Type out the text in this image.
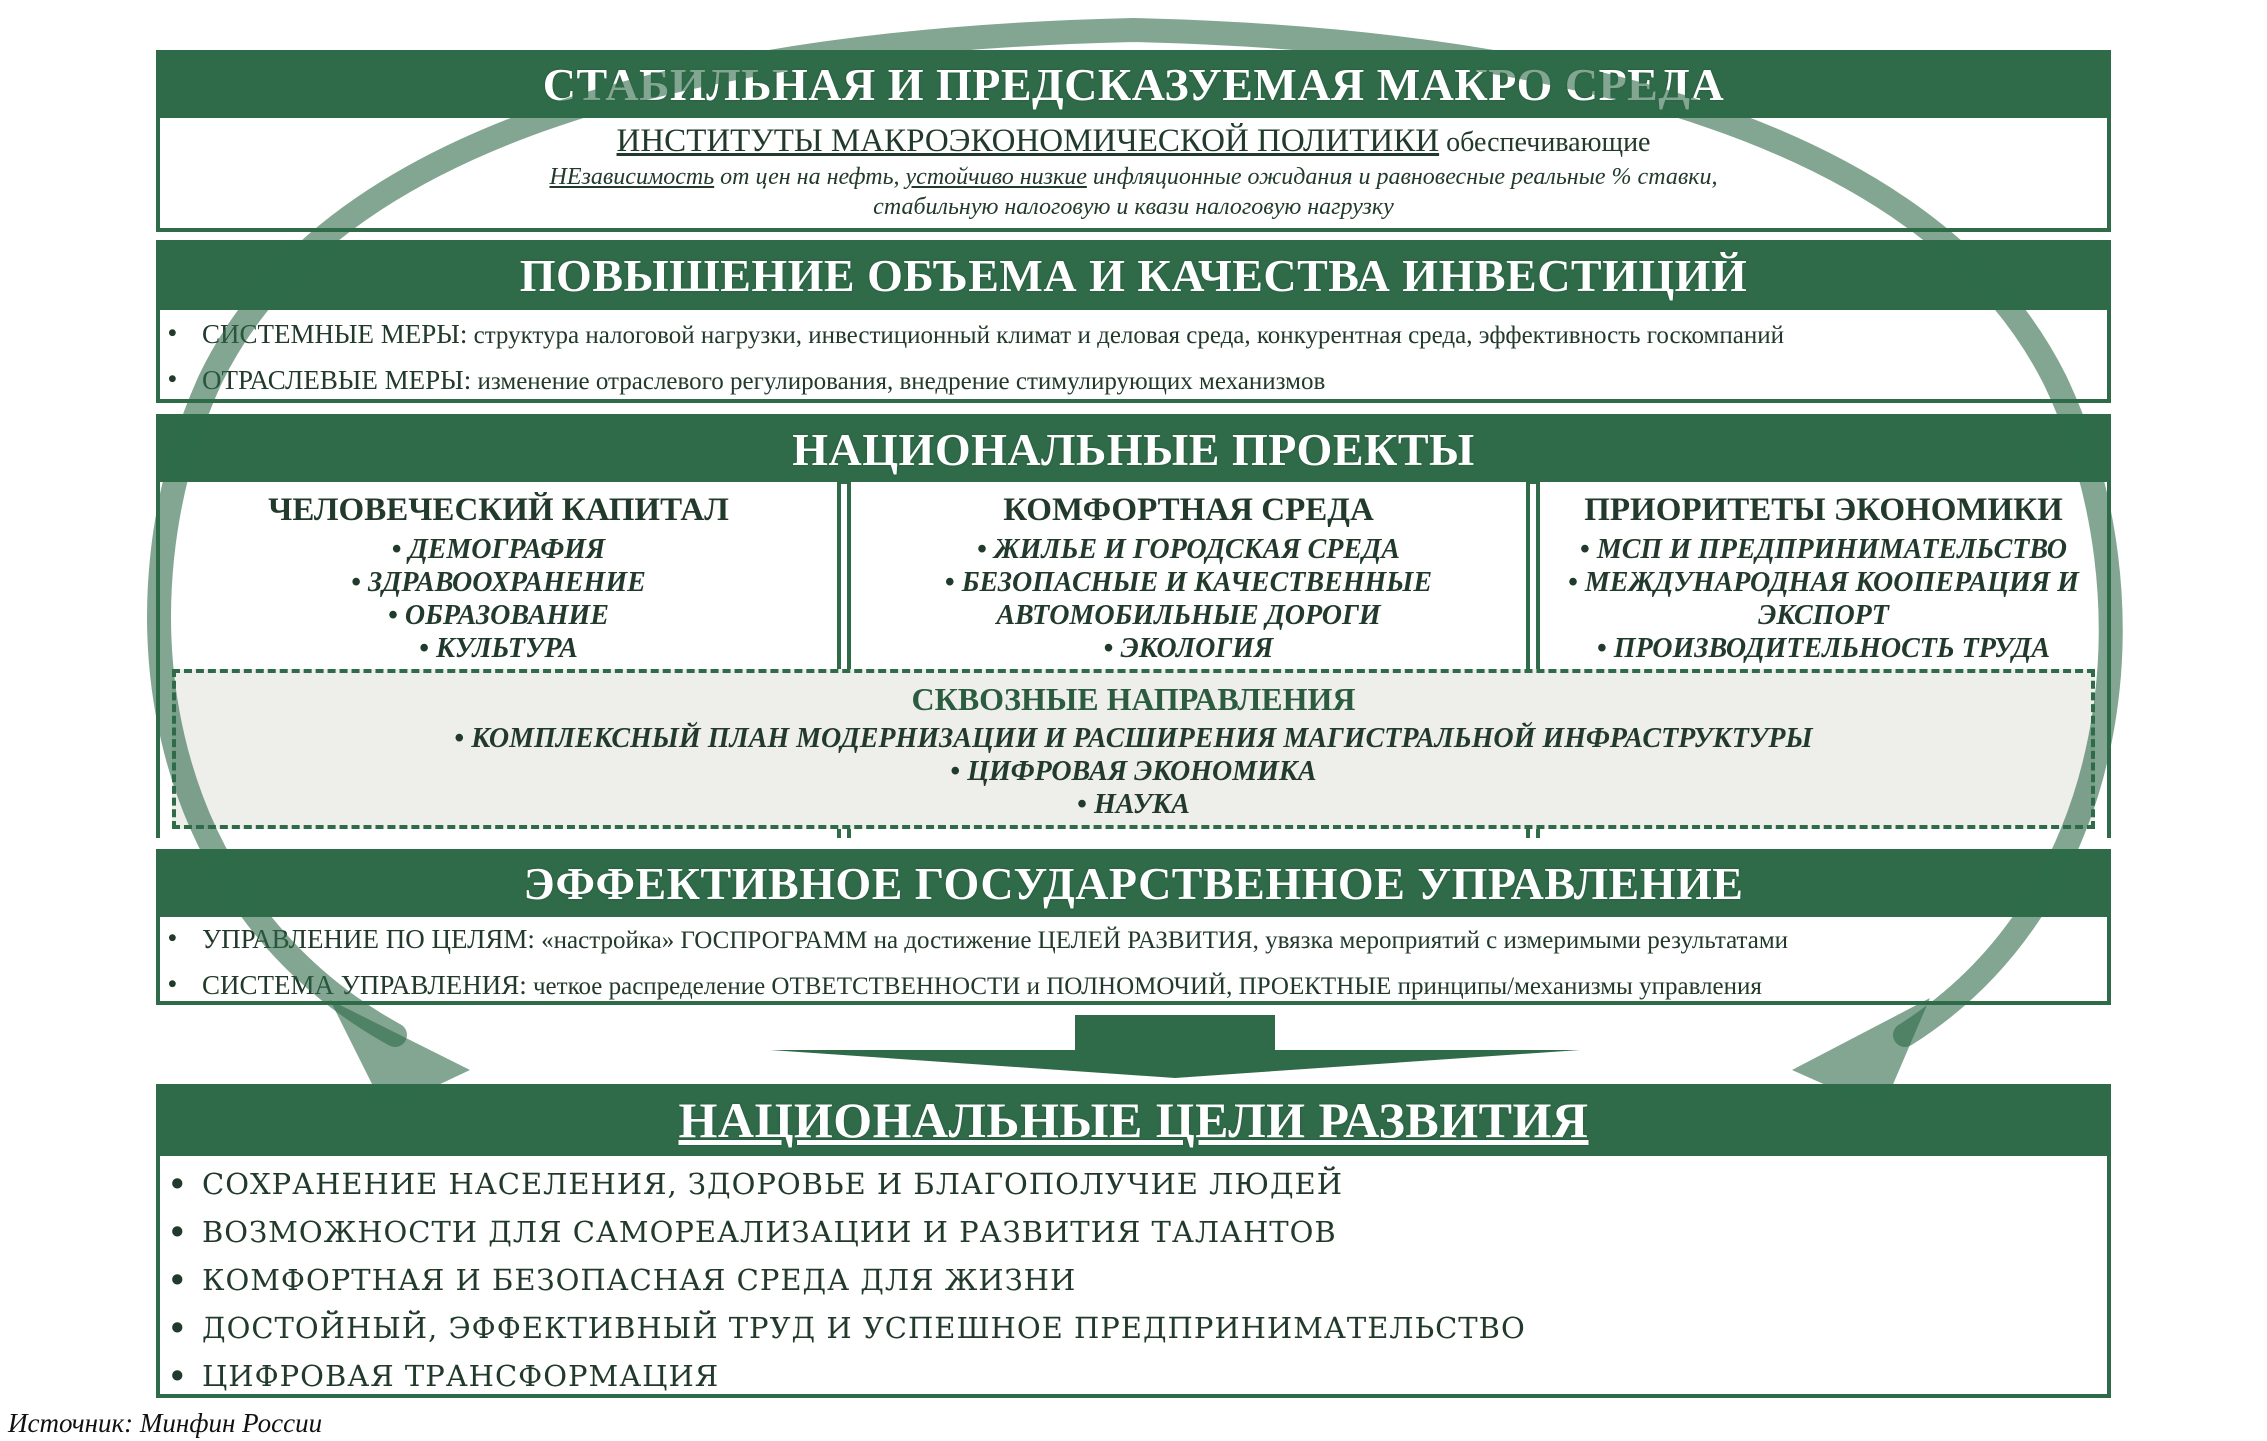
СТАБИЛЬНАЯ И ПРЕДСКАЗУЕМАЯ МАКРО СРЕДА
ИНСТИТУТЫ МАКРОЭКОНОМИЧЕСКОЙ ПОЛИТИКИ обеспечивающие
НЕзависимость от цен на нефть, устойчиво низкие инфляционные ожидания и равновесные реальные % ставки,
стабильную налоговую и квази налоговую нагрузку
ПОВЫШЕНИЕ ОБЪЕМА И КАЧЕСТВА ИНВЕСТИЦИЙ
• СИСТЕМНЫЕ МЕРЫ: структура налоговой нагрузки, инвестиционный климат и деловая среда, конкурентная среда, эффективность госкомпаний
• ОТРАСЛЕВЫЕ МЕРЫ: изменение отраслевого регулирования, внедрение стимулирующих механизмов
НАЦИОНАЛЬНЫЕ ПРОЕКТЫ
ЧЕЛОВЕЧЕСКИЙ КАПИТАЛ
• ДЕМОГРАФИЯ
• ЗДРАВООХРАНЕНИЕ
• ОБРАЗОВАНИЕ
• КУЛЬТУРА
КОМФОРТНАЯ СРЕДА
• ЖИЛЬЕ И ГОРОДСКАЯ СРЕДА
• БЕЗОПАСНЫЕ И КАЧЕСТВЕННЫЕ АВТОМОБИЛЬНЫЕ ДОРОГИ
• ЭКОЛОГИЯ
ПРИОРИТЕТЫ ЭКОНОМИКИ
• МСП И ПРЕДПРИНИМАТЕЛЬСТВО
• МЕЖДУНАРОДНАЯ КООПЕРАЦИЯ И ЭКСПОРТ
• ПРОИЗВОДИТЕЛЬНОСТЬ ТРУДА
СКВОЗНЫЕ НАПРАВЛЕНИЯ
• КОМПЛЕКСНЫЙ ПЛАН МОДЕРНИЗАЦИИ И РАСШИРЕНИЯ МАГИСТРАЛЬНОЙ ИНФРАСТРУКТУРЫ
• ЦИФРОВАЯ ЭКОНОМИКА
• НАУКА
ЭФФЕКТИВНОЕ ГОСУДАРСТВЕННОЕ УПРАВЛЕНИЕ
• УПРАВЛЕНИЕ ПО ЦЕЛЯМ: «настройка» ГОСПРОГРАММ на достижение ЦЕЛЕЙ РАЗВИТИЯ, увязка мероприятий с измеримыми результатами
• СИСТЕМА УПРАВЛЕНИЯ: четкое распределение ОТВЕТСТВЕННОСТИ и ПОЛНОМОЧИЙ, ПРОЕКТНЫЕ принципы/механизмы управления
НАЦИОНАЛЬНЫЕ ЦЕЛИ РАЗВИТИЯ
• СОХРАНЕНИЕ НАСЕЛЕНИЯ, ЗДОРОВЬЕ И БЛАГОПОЛУЧИЕ ЛЮДЕЙ
• ВОЗМОЖНОСТИ ДЛЯ САМОРЕАЛИЗАЦИИ И РАЗВИТИЯ ТАЛАНТОВ
• КОМФОРТНАЯ И БЕЗОПАСНАЯ СРЕДА ДЛЯ ЖИЗНИ
• ДОСТОЙНЫЙ, ЭФФЕКТИВНЫЙ ТРУД И УСПЕШНОЕ ПРЕДПРИНИМАТЕЛЬСТВО
• ЦИФРОВАЯ ТРАНСФОРМАЦИЯ
Источник: Минфин России
